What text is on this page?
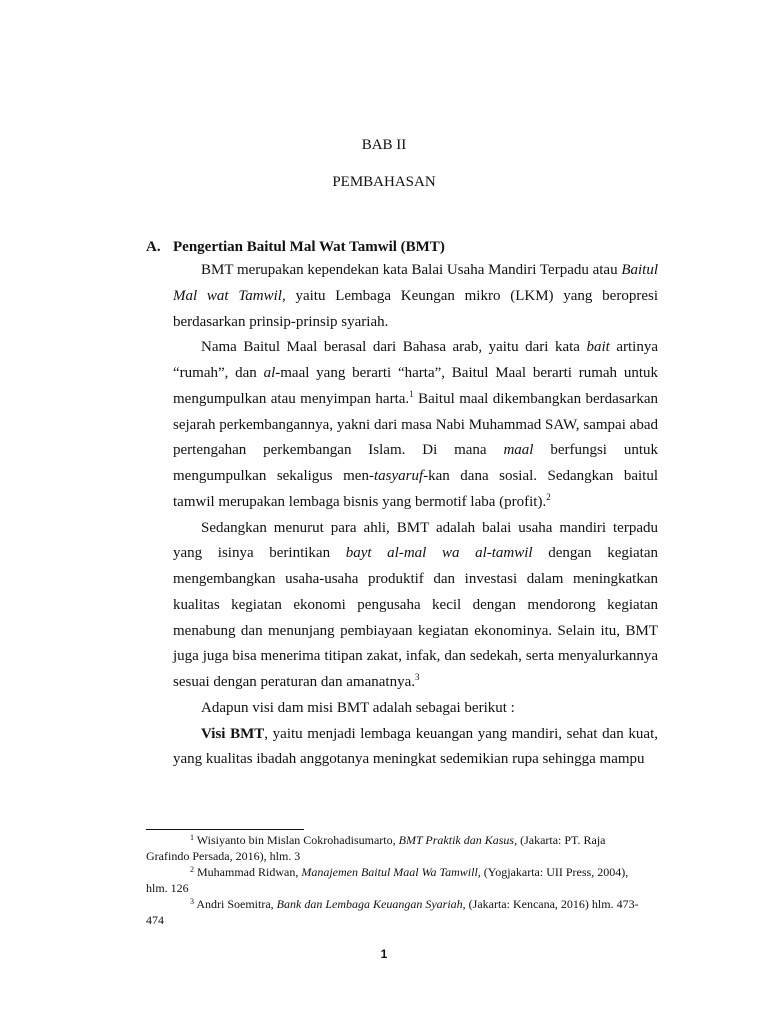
BAB II
PEMBAHASAN
A. Pengertian Baitul Mal Wat Tamwil (BMT)

BMT merupakan kependekan kata Balai Usaha Mandiri Terpadu atau Baitul Mal wat Tamwil, yaitu Lembaga Keungan mikro (LKM) yang beropresi berdasarkan prinsip-prinsip syariah.

Nama Baitul Maal berasal dari Bahasa arab, yaitu dari kata bait artinya “rumah”, dan al-maal yang berarti “harta”, Baitul Maal berarti rumah untuk mengumpulkan atau menyimpan harta.$^1$ Baitul maal dikembangkan berdasarkan sejarah perkembangannya, yakni dari masa Nabi Muhammad SAW, sampai abad pertengahan perkembangan Islam. Di mana maal berfungsi untuk mengumpulkan sekaligus men-tasyaruf-kan dana sosial. Sedangkan baitul tamwil merupakan lembaga bisnis yang bermotif laba (profit).$^2$

Sedangkan menurut para ahli, BMT adalah balai usaha mandiri terpadu yang isinya berintikan bayt al-mal wa al-tamwil dengan kegiatan mengembangkan usaha-usaha produktif dan investasi dalam meningkatkan kualitas kegiatan ekonomi pengusaha kecil dengan mendorong kegiatan menabung dan menunjang pembiayaan kegiatan ekonominya. Selain itu, BMT juga juga bisa menerima titipan zakat, infak, dan sedekah, serta menyalurkannya sesuai dengan peraturan dan amanatnya.$^3$

Adapun visi dam misi BMT adalah sebagai berikut :

Visi BMT, yaitu menjadi lembaga keuangan yang mandiri, sehat dan kuat, yang kualitas ibadah anggotanya meningkat sedemikian rupa sehingga mampu

$^1$ Wisiyanto bin Mislan Cokrohadisumarto, BMT Praktik dan Kasus, (Jakarta: PT. Raja Grafindo Persada, 2016), hlm. 3

$^2$ Muhammad Ridwan, Manajemen Baitul Maal Wa Tamwill, (Yogjakarta: UII Press, 2004), hlm. 126

$^3$ Andri Soemitra, Bank dan Lembaga Keuangan Syariah, (Jakarta: Kencana, 2016) hlm. 473-474

1
